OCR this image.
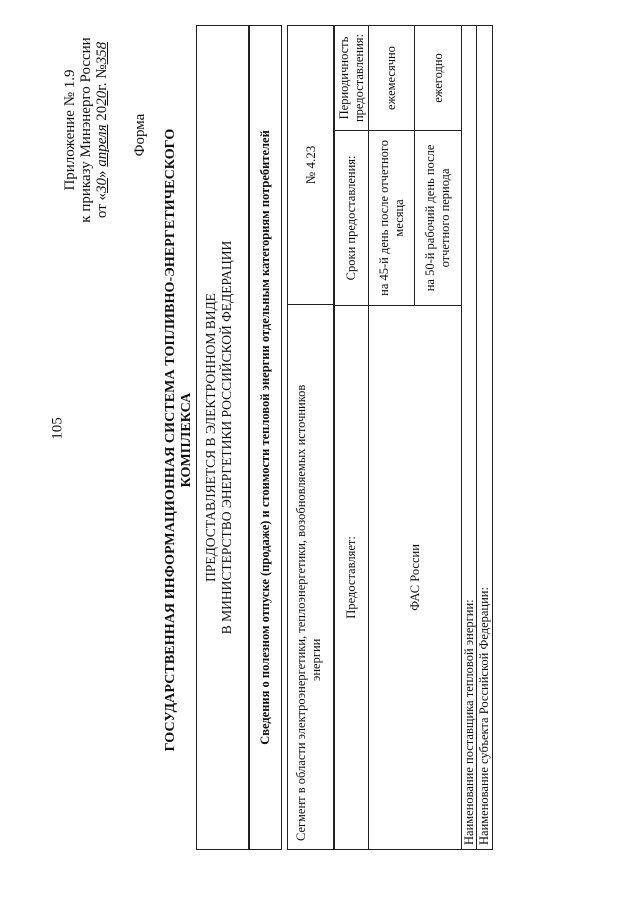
105
Приложение № 1.9 к приказу Минэнерго России от «30» апреля 2020г. №358
Форма ГОСУДАРСТВЕННАЯ ИНФОРМАЦИОННАЯ СИСТЕМА ТОПЛИВНО-ЭНЕРГЕТИЧЕСКОГО КОМПЛЕКСА ПРЕДОСТАВЛЯЕТСЯ В ЭЛЕКТРОННОМ ВИДЕ В МИНИСТЕРСТВО ЭНЕРГЕТИКИ РОССИЙСКОЙ ФЕДЕРАЦИИ Сведения о полезном отпуске (продаже) и стоимости тепловой энергии отдельным категориям потребителей Сегмент в области электроэнергетики, теплоэнергетики, возобновляемых источников энергии
№ 4.23
Предоставляет:	Сроки предоставления:	Периодичность предоставления:
ФАС России	на 45-й день после отчетного месяца	ежемесячно
	на 50-й рабочий день после отчетного периода	ежегодно
Наименование поставщика тепловой энергии: Наименование субъекта Российской Федерации:
